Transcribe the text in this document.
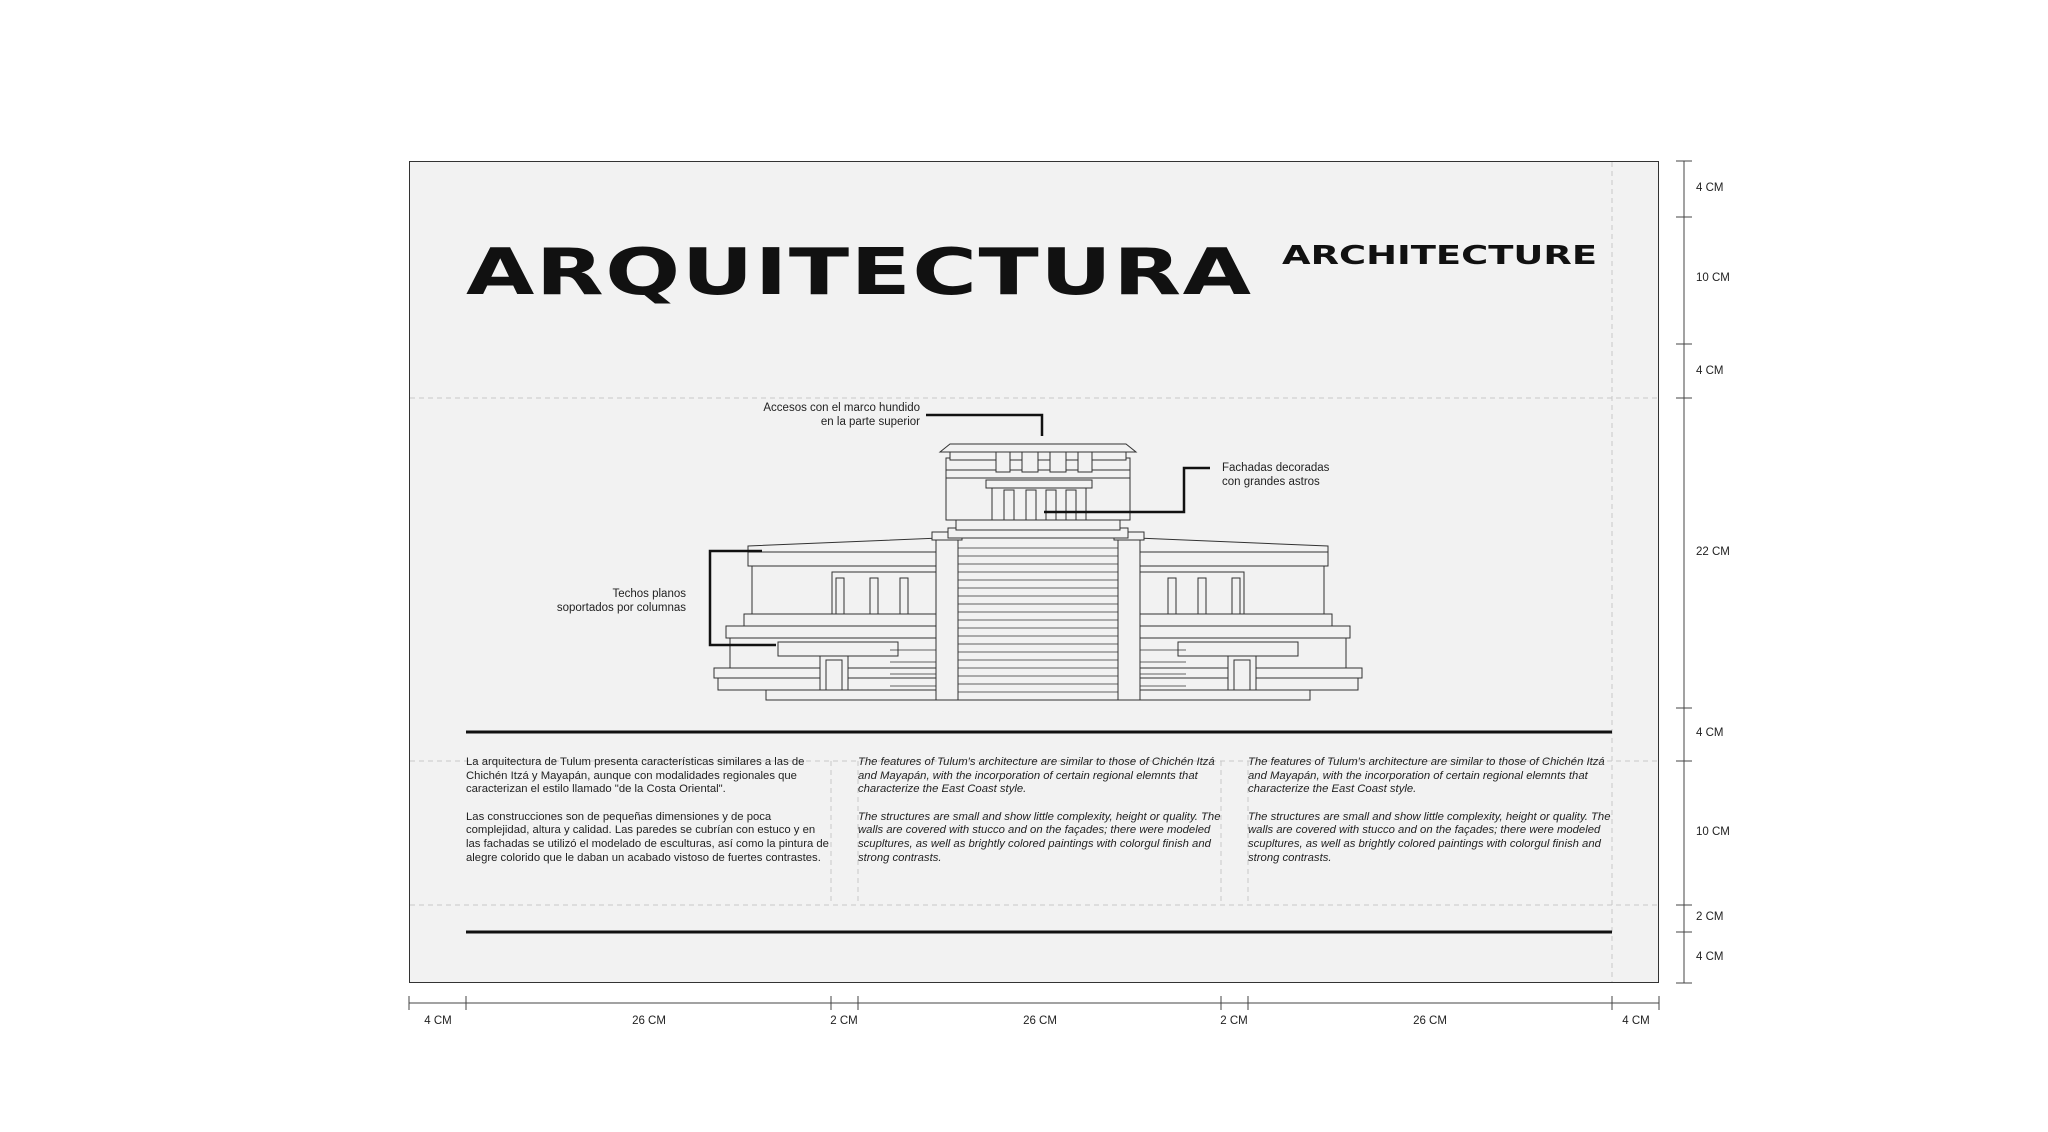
ARQUITECTURA ARCHITECTURE
Accesos con el marco hundido
en la parte superior
Fachadas decoradas
con grandes astros
Techos planos
soportados por columnas

La arquitectura de Tulum presenta características similares a las de Chichén Itzá y Mayapán, aunque con modalidades regionales que caracterizan el estilo llamado "de la Costa Oriental".

Las construcciones son de pequeñas dimensiones y de poca complejidad, altura y calidad. Las paredes se cubrían con estuco y en las fachadas se utilizó el modelado de esculturas, así como la pintura de alegre colorido que le daban un acabado vistoso de fuertes contrastes.

The features of Tulum's architecture are similar to those of Chichén Itzá and Mayapán, with the incorporation of certain regional elemnts that characterize the East Coast style.

The structures are small and show little complexity, height or quality. The walls are covered with stucco and on the façades; there were modeled scupltures, as well as brightly colored paintings with colorgul finish and strong contrasts.

The features of Tulum's architecture are similar to those of Chichén Itzá and Mayapán, with the incorporation of certain regional elemnts that characterize the East Coast style.

The structures are small and show little complexity, height or quality. The walls are covered with stucco and on the façades; there were modeled scupltures, as well as brightly colored paintings with colorgul finish and strong contrasts.

4 CM
10 CM
4 CM
22 CM
4 CM
10 CM
2 CM
4 CM
4 CM	26 CM	2 CM	26 CM	2 CM	26 CM	4 CM
